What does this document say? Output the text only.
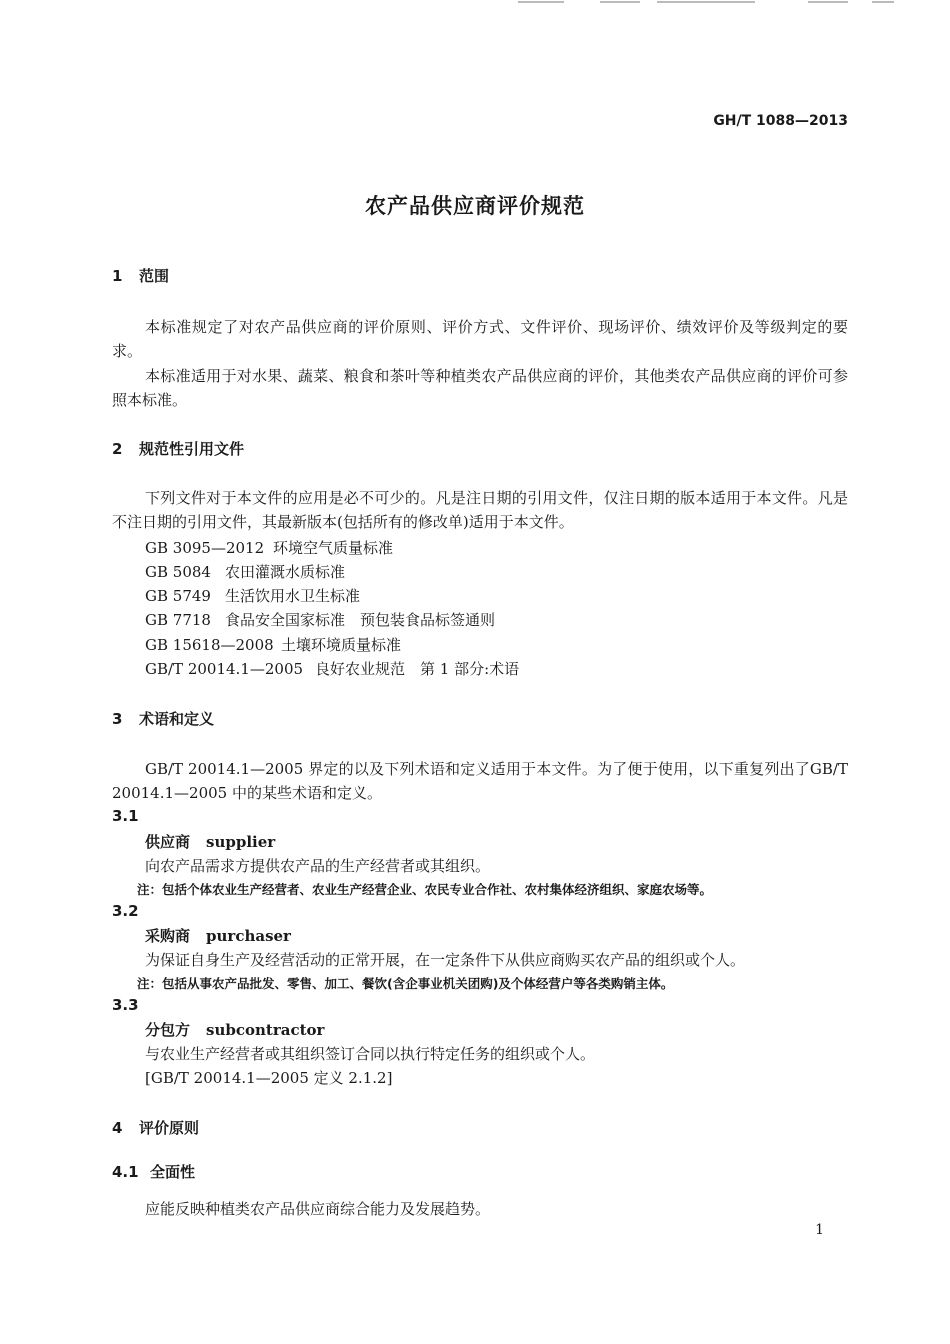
GH/T 1088—2013
农产品供应商评价规范
1 范围
本标准规定了对农产品供应商的评价原则、评价方式、文件评价、现场评价、绩效评价及等级判定的要求。
本标准适用于对水果、蔬菜、粮食和茶叶等种植类农产品供应商的评价，其他类农产品供应商的评价可参照本标准。
2 规范性引用文件
下列文件对于本文件的应用是必不可少的。凡是注日期的引用文件，仅注日期的版本适用于本文件。凡是不注日期的引用文件，其最新版本(包括所有的修改单)适用于本文件。
GB 3095—2012 环境空气质量标准
GB 5084 农田灌溉水质标准
GB 5749 生活饮用水卫生标准
GB 7718 食品安全国家标准　预包装食品标签通则
GB 15618—2008 土壤环境质量标准
GB/T 20014.1—2005 良好农业规范　第 1 部分:术语
3 术语和定义
GB/T 20014.1—2005 界定的以及下列术语和定义适用于本文件。为了便于使用，以下重复列出了GB/T 20014.1—2005 中的某些术语和定义。
3.1
供应商 supplier
向农产品需求方提供农产品的生产经营者或其组织。
注：包括个体农业生产经营者、农业生产经营企业、农民专业合作社、农村集体经济组织、家庭农场等。
3.2
采购商 purchaser
为保证自身生产及经营活动的正常开展，在一定条件下从供应商购买农产品的组织或个人。
注：包括从事农产品批发、零售、加工、餐饮(含企事业机关团购)及个体经营户等各类购销主体。
3.3
分包方 subcontractor
与农业生产经营者或其组织签订合同以执行特定任务的组织或个人。
[GB/T 20014.1—2005 定义 2.1.2]
4 评价原则
4.1 全面性
应能反映种植类农产品供应商综合能力及发展趋势。
1
